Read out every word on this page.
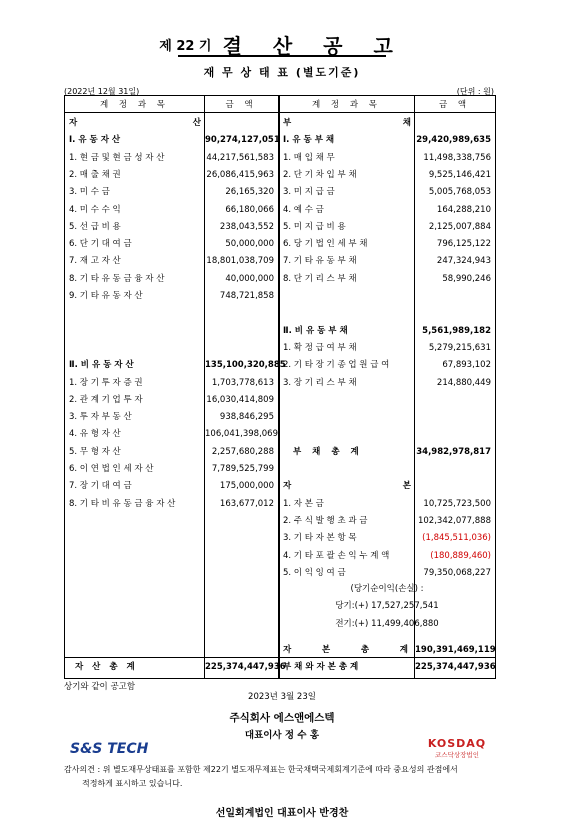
제 22 기 결 산 공 고
재 무 상 태 표 (별도기준)
(2022년 12월 31일)	(단위 : 원)
계 정 과 목	금 액	계 정 과 목	금 액
자	산
Ⅰ. 유 동 자 산	90,274,127,051
1. 현 금 및 현 금 성 자 산	44,217,561,583
2. 매 출 채 권	26,086,415,963
3. 미 수 금	26,165,320
4. 미 수 수 익	66,180,066
5. 선 급 비 용	238,043,552
6. 단 기 대 여 금	50,000,000
7. 재 고 자 산	18,801,038,709
8. 기 타 유 동 금 융 자 산	40,000,000
9. 기 타 유 동 자 산	748,721,858
Ⅱ. 비 유 동 자 산	135,100,320,885
1. 장 기 투 자 증 권	1,703,778,613
2. 관 계 기 업 투 자	16,030,414,809
3. 투 자 부 동 산	938,846,295
4. 유 형 자 산	106,041,398,069
5. 무 형 자 산	2,257,680,288
6. 이 연 법 인 세 자 산	7,789,525,799
7. 장 기 대 여 금	175,000,000
8. 기 타 비 유 동 금 융 자 산	163,677,012
부	채
Ⅰ. 유 동 부 채	29,420,989,635
1. 매 입 채 무	11,498,338,756
2. 단 기 차 입 부 채	9,525,146,421
3. 미 지 급 금	5,005,768,053
4. 예 수 금	164,288,210
5. 미 지 급 비 용	2,125,007,884
6. 당 기 법 인 세 부 채	796,125,122
7. 기 타 유 동 부 채	247,324,943
8. 단 기 리 스 부 채	58,990,246
Ⅱ. 비 유 동 부 채	5,561,989,182
1. 확 정 급 여 부 채	5,279,215,631
2. 기 타 장 기 종 업 원 급 여	67,893,102
3. 장 기 리 스 부 채	214,880,449
부 채 총 계	34,982,978,817
자	본
1. 자 본 금	10,725,723,500
2. 주 식 발 행 초 과 금	102,342,077,888
3. 기 타 자 본 항 목	(1,845,511,036)
4. 기 타 포 괄 손 익 누 계 액	(180,889,460)
5. 이 익 잉 여 금	79,350,068,227
(당기순이익(손실) :
당기:(+) 17,527,257,541
전기:(+) 11,499,406,880
자	본	총	계 190,391,469,119
자 산 총 계	225,374,447,936
부 채 와 자 본 총 계	225,374,447,936
상기와 같이 공고함
2023년 3월 23일
주식회사 에스앤에스텍
대표이사 정 수 홍
S&S TECH	KOSDAQ
코스닥상장법인
감사의견 : 위 별도재무상태표를 포함한 제22기 별도재무제표는 한국채택국제회계기준에 따라 중요성의 관점에서
적정하게 표시하고 있습니다.
선일회계법인 대표이사 반경찬
